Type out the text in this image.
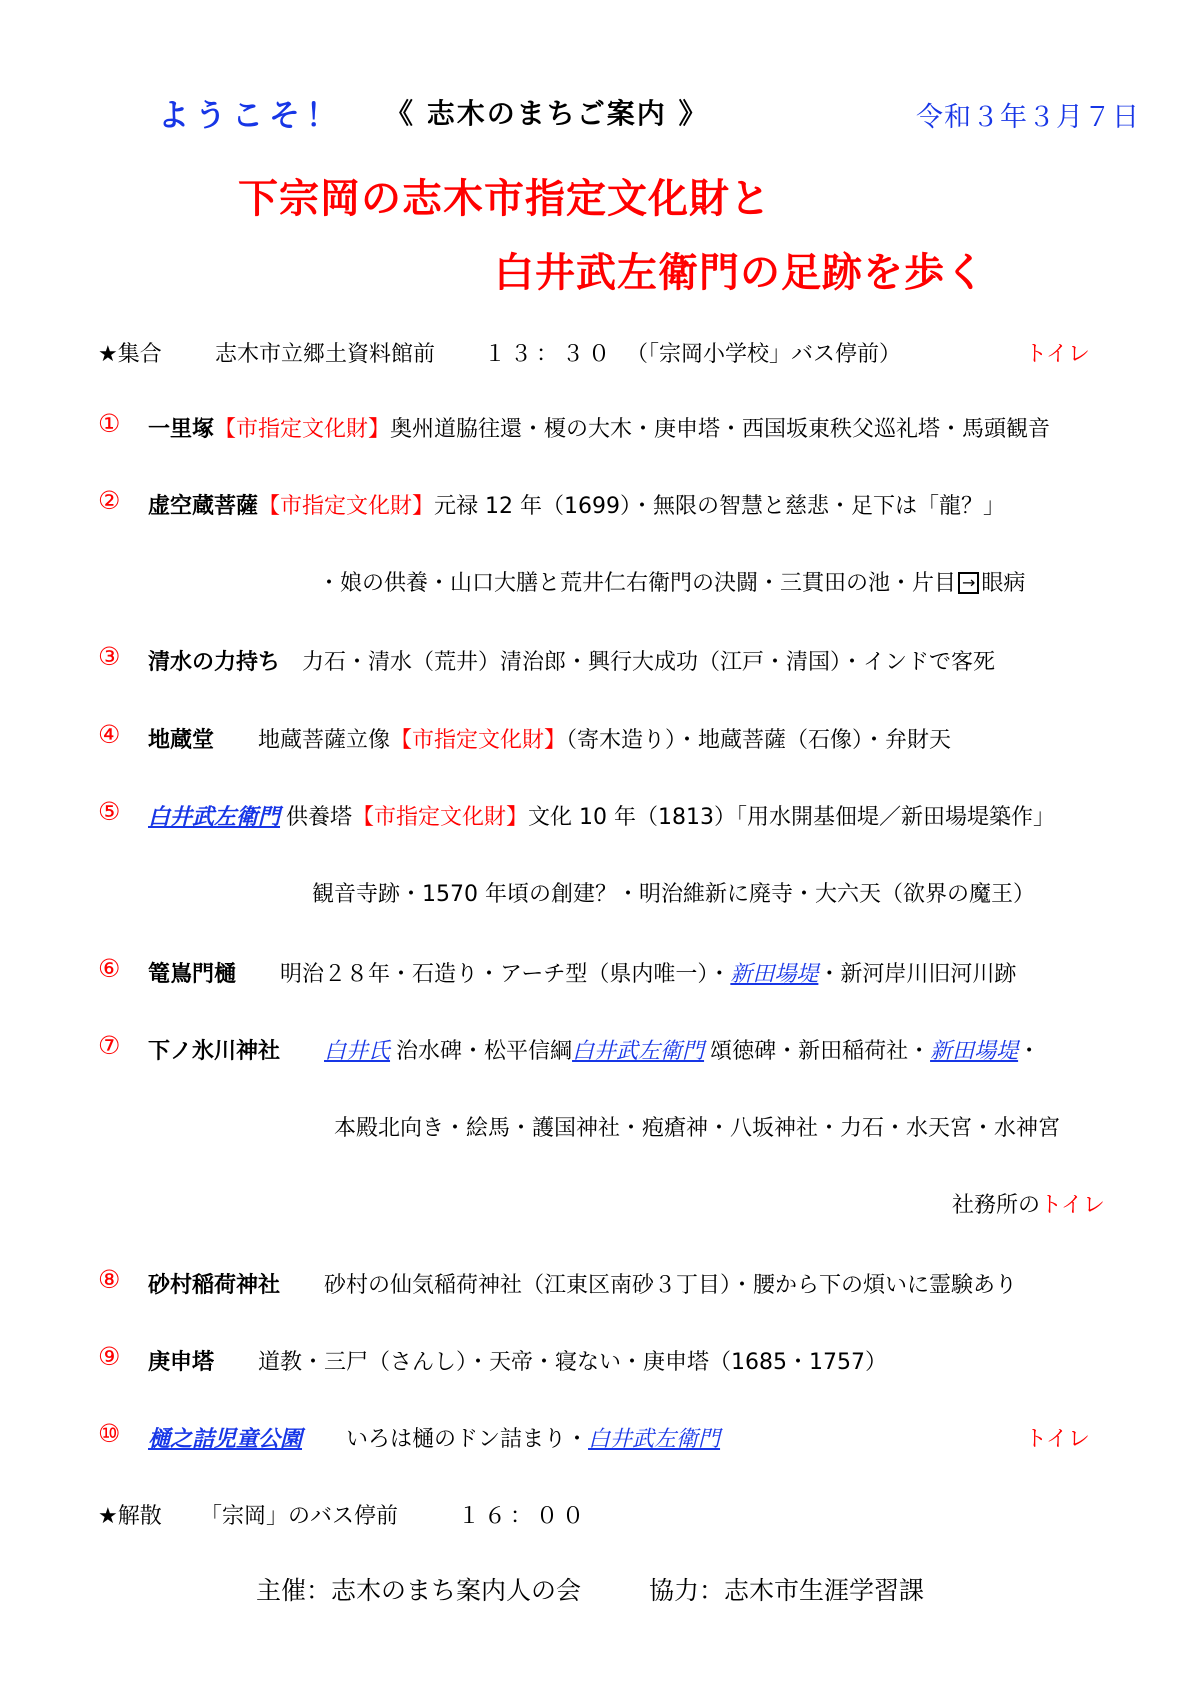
ようこそ！ 《 志木のまちご案内 》	令和３年３月７日
下宗岡の志木市指定文化財と
白井武左衛門の足跡を歩く
★集合 志木市立郷土資料館前 １３：３０ （「宗岡小学校」バス停前）	トイレ
① 一里塚【市指定文化財】奥州道脇往還・榎の大木・庚申塔・西国坂東秩父巡礼塔・馬頭観音
② 虚空蔵菩薩【市指定文化財】元禄 12 年（1699）・無限の智慧と慈悲・足下は「龍？」
・娘の供養・山口大膳と荒井仁右衛門の決闘・三貫田の池・片目 → 眼病
③ 清水の力持ち 力石・清水（荒井）清治郎・興行大成功（江戸・清国）・インドで客死
④ 地蔵堂 地蔵菩薩立像【市指定文化財】（寄木造り）・地蔵菩薩（石像）・弁財天
⑤ 白井武左衛門 供養塔【市指定文化財】文化 10 年（1813）「用水開基佃堤／新田場堤築作」
観音寺跡・1570 年頃の創建？・明治維新に廃寺・大六天（欲界の魔王）
⑥ 篭嶌門樋 明治２８年・石造り・アーチ型（県内唯一）・新田場堤・新河岸川旧河川跡
⑦ 下ノ氷川神社 白井氏 治水碑・松平信綱白井武左衛門 頌徳碑・新田稲荷社・新田場堤・
本殿北向き・絵馬・護国神社・疱瘡神・八坂神社・力石・水天宮・水神宮
社務所のトイレ
⑧ 砂村稲荷神社 砂村の仙気稲荷神社（江東区南砂３丁目）・腰から下の煩いに霊験あり
⑨ 庚申塔 道教・三尸（さんし）・天帝・寝ない・庚申塔（1685・1757）
⑩ 樋之詰児童公園 いろは樋のドン詰まり・白井武左衛門	トイレ
★解散 「宗岡」のバス停前	１６：００
主催：志木のまち案内人の会	協力：志木市生涯学習課
